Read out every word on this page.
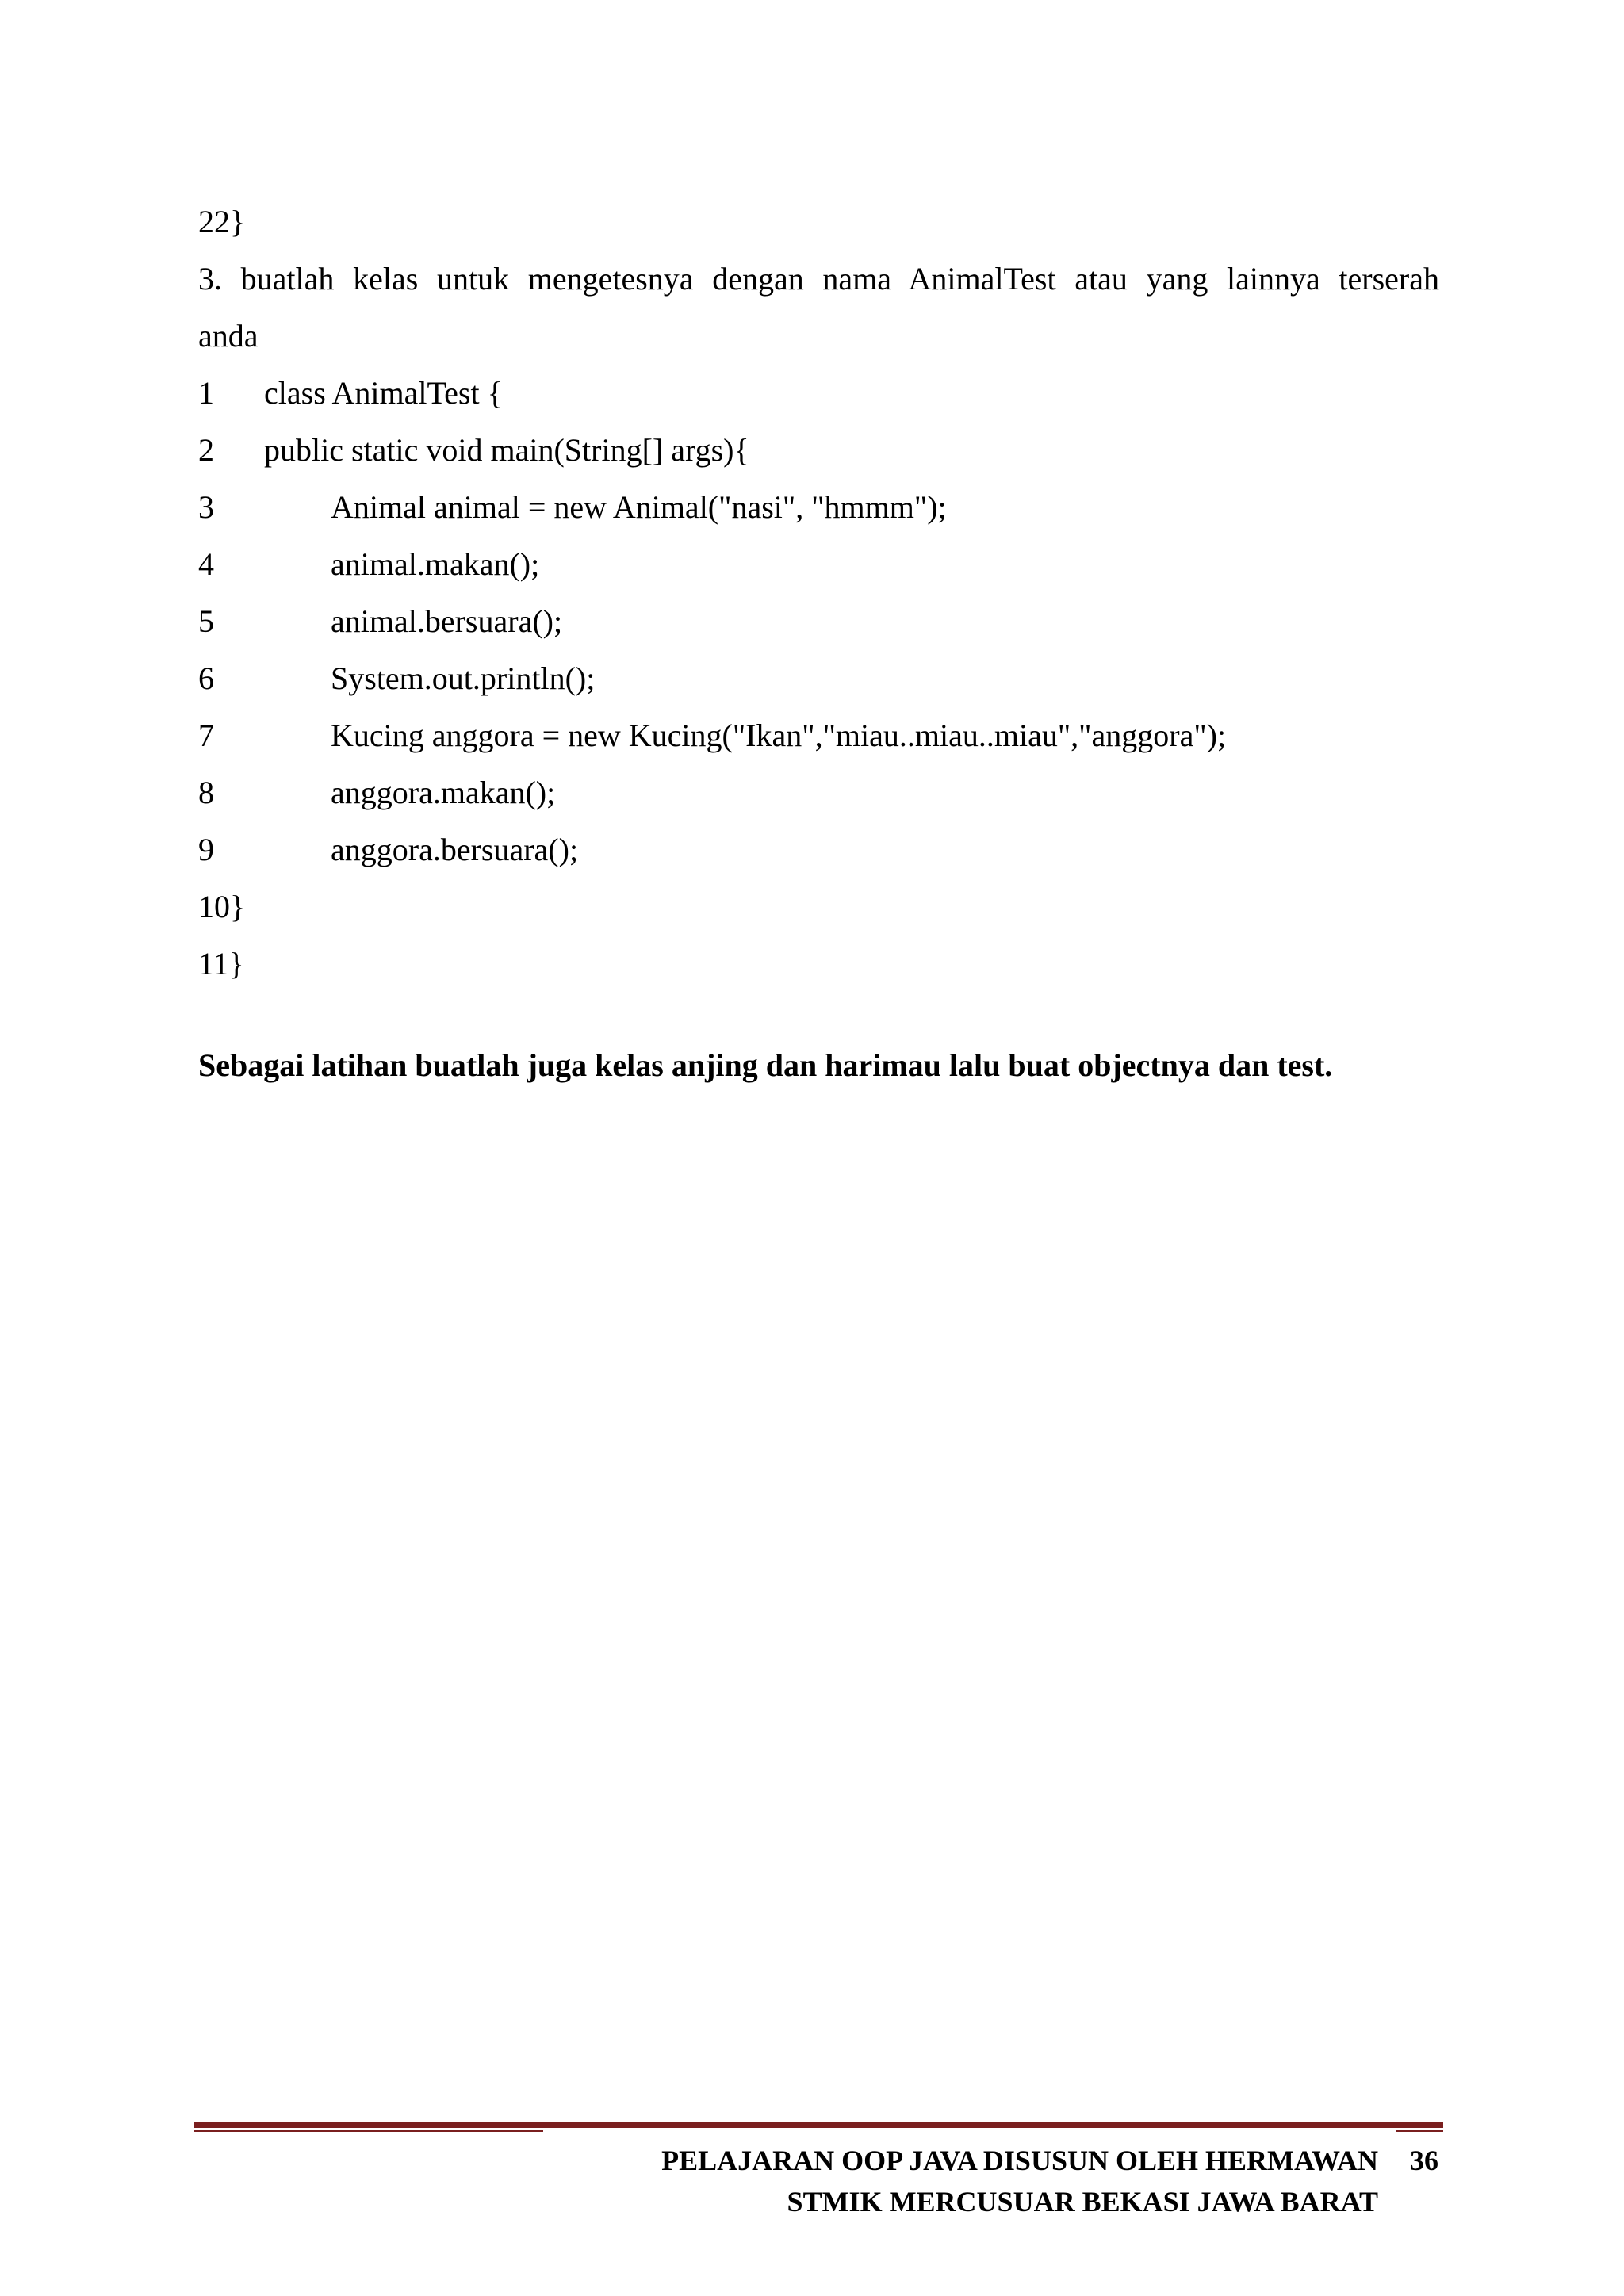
22}
3. buatlah kelas untuk mengetesnya dengan nama AnimalTest atau yang lainnya terserah
anda

1

class AnimalTest {

2

public static void main(String[] args){

3

	Animal animal = new Animal("nasi", "hmmm");

4

	animal.makan();

5

	animal.bersuara();

6

	System.out.println();

7

	Kucing anggora = new Kucing("Ikan","miau..miau..miau","anggora");

8

	anggora.makan();

9

	anggora.bersuara();

10}

11}

Sebagai latihan buatlah juga kelas anjing dan harimau lalu buat objectnya dan test.
PELAJARAN OOP JAVA DISUSUN OLEH HERMAWAN 36
STMIK MERCUSUAR BEKASI JAWA BARAT
